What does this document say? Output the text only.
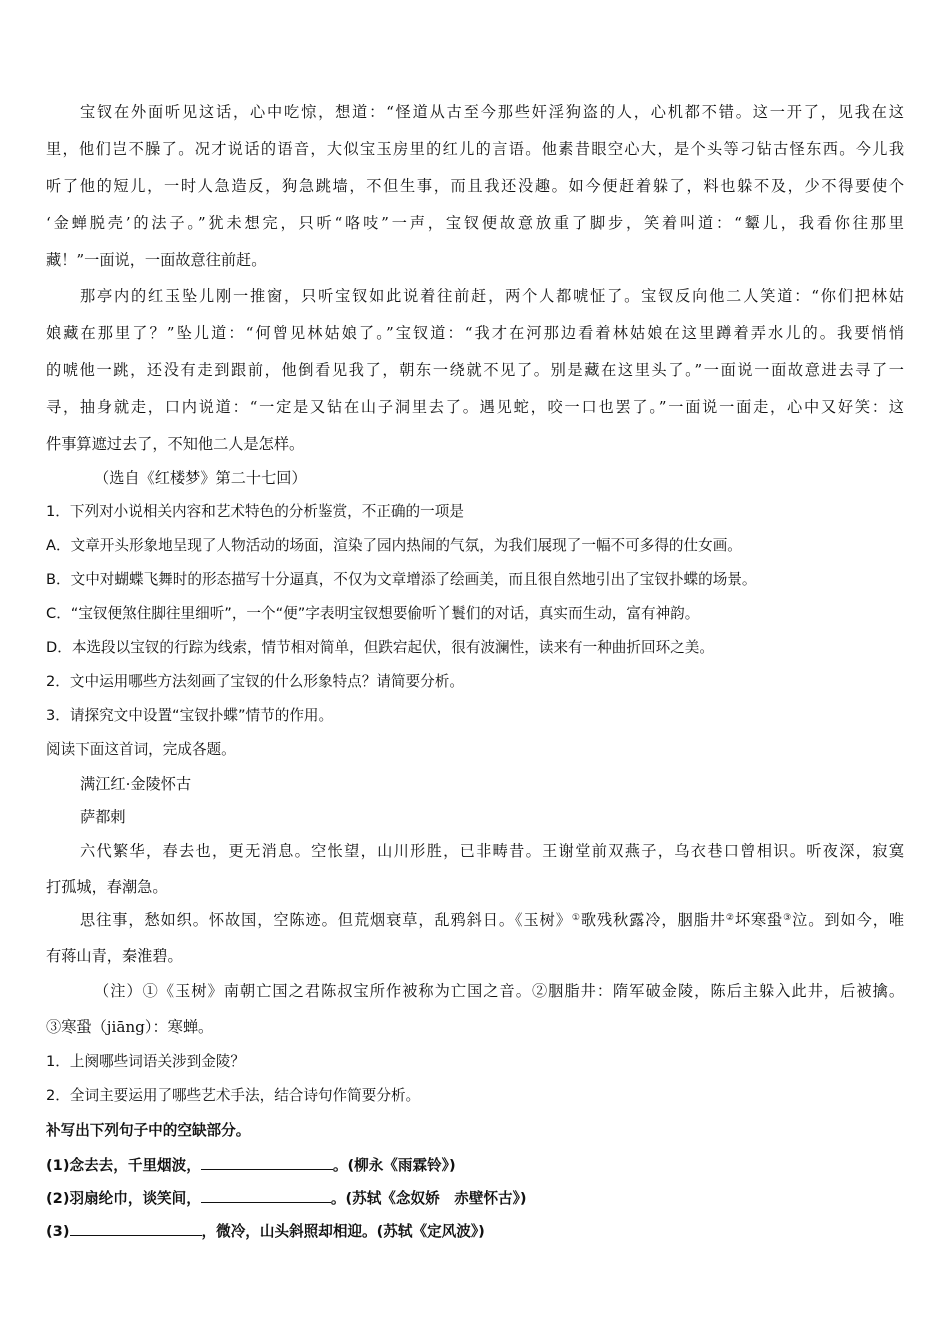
宝钗在外面听见这话，心中吃惊，想道：“怪道从古至今那些奸淫狗盗的人，心机都不错。这一开了，见我在这
里，他们岂不臊了。况才说话的语音，大似宝玉房里的红儿的言语。他素昔眼空心大，是个头等刁钻古怪东西。今儿我
听了他的短儿，一时人急造反，狗急跳墙，不但生事，而且我还没趣。如今便赶着躲了，料也躲不及，少不得要使个
‘金蝉脱壳’的法子。”犹未想完，只听“咯吱”一声，宝钗便故意放重了脚步，笑着叫道：“颦儿，我看你往那里
藏！”一面说，一面故意往前赶。
那亭内的红玉坠儿刚一推窗，只听宝钗如此说着往前赶，两个人都唬怔了。宝钗反向他二人笑道：“你们把林姑
娘藏在那里了？”坠儿道：“何曾见林姑娘了。”宝钗道：“我才在河那边看着林姑娘在这里蹲着弄水儿的。我要悄悄
的唬他一跳，还没有走到跟前，他倒看见我了，朝东一绕就不见了。别是藏在这里头了。”一面说一面故意进去寻了一
寻，抽身就走，口内说道：“一定是又钻在山子洞里去了。遇见蛇，咬一口也罢了。”一面说一面走，心中又好笑：这
件事算遮过去了，不知他二人是怎样。
（选自《红楼梦》第二十七回）
1．下列对小说相关内容和艺术特色的分析鉴赏，不正确的一项是
A．文章开头形象地呈现了人物活动的场面，渲染了园内热闹的气氛，为我们展现了一幅不可多得的仕女画。
B．文中对蝴蝶飞舞时的形态描写十分逼真，不仅为文章增添了绘画美，而且很自然地引出了宝钗扑蝶的场景。
C．“宝钗便煞住脚往里细听”，一个“便”字表明宝钗想要偷听丫鬟们的对话，真实而生动，富有神韵。
D．本选段以宝钗的行踪为线索，情节相对简单，但跌宕起伏，很有波澜性，读来有一种曲折回环之美。
2．文中运用哪些方法刻画了宝钗的什么形象特点？请简要分析。
3．请探究文中设置“宝钗扑蝶”情节的作用。
阅读下面这首词，完成各题。
满江红·金陵怀古
萨都剌
六代繁华，春去也，更无消息。空怅望，山川形胜，已非畴昔。王谢堂前双燕子，乌衣巷口曾相识。听夜深，寂寞
打孤城，春潮急。
思往事，愁如织。怀故国，空陈迹。但荒烟衰草，乱鸦斜日。《玉树》①歌残秋露冷，胭脂井②坏寒蛩③泣。到如今，唯
有蒋山青，秦淮碧。
（注）①《玉树》南朝亡国之君陈叔宝所作被称为亡国之音。②胭脂井：隋军破金陵，陈后主躲入此井，后被擒。
③寒蛩（jiāng）：寒蝉。
1．上阕哪些词语关涉到金陵？
2．全词主要运用了哪些艺术手法，结合诗句作简要分析。
补写出下列句子中的空缺部分。
(1)念去去，千里烟波，	。(柳永《雨霖铃》)
(2)羽扇纶巾，谈笑间，	。(苏轼《念奴娇　赤壁怀古》)
(3)	，微冷，山头斜照却相迎。(苏轼《定风波》)
